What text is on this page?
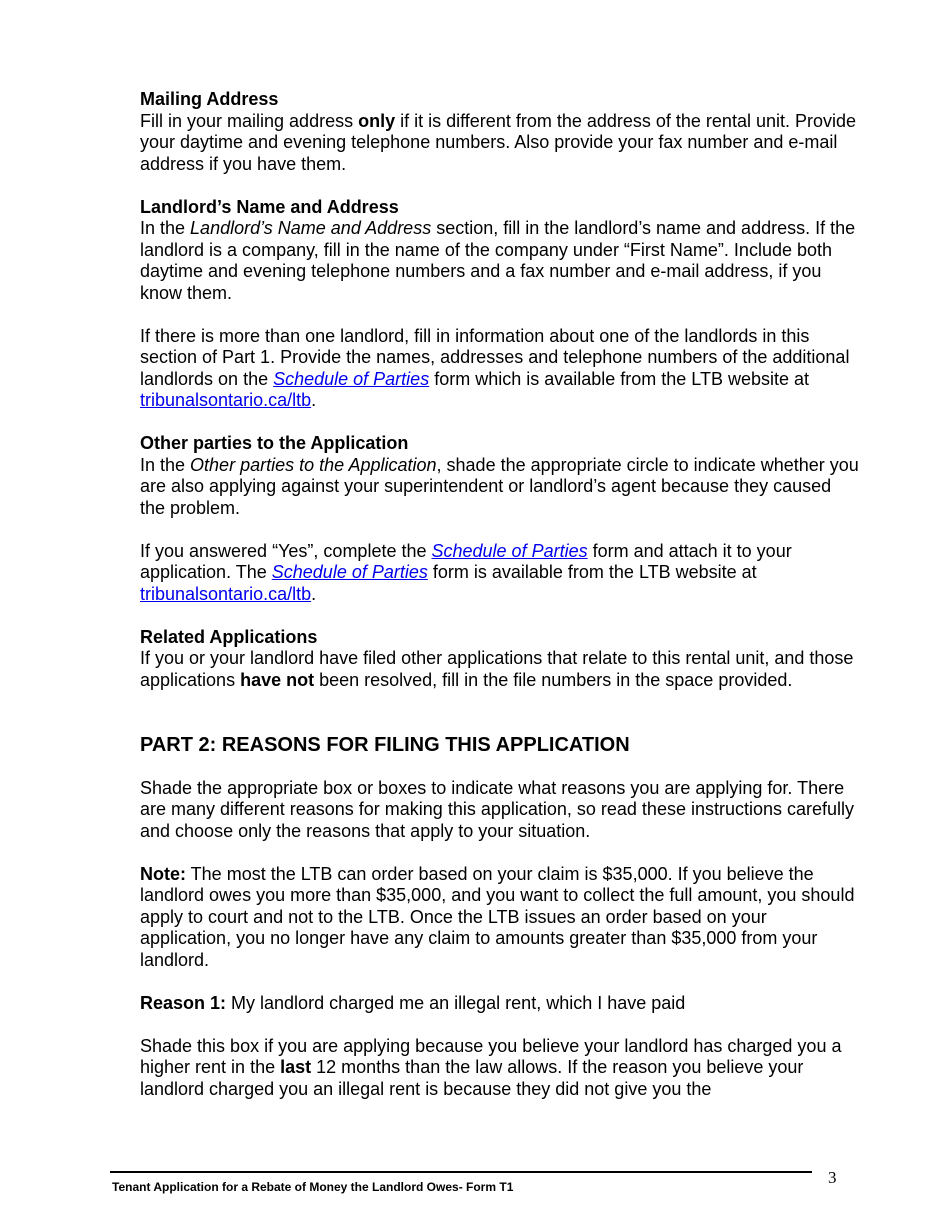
Mailing Address

Fill in your mailing address only if it is different from the address of the rental unit. Provide your daytime and evening telephone numbers. Also provide your fax number and e-mail address if you have them.

Landlord’s Name and Address

In the Landlord’s Name and Address section, fill in the landlord’s name and address. If the landlord is a company, fill in the name of the company under “First Name”. Include both daytime and evening telephone numbers and a fax number and e-mail address, if you know them.

If there is more than one landlord, fill in information about one of the landlords in this section of Part 1. Provide the names, addresses and telephone numbers of the additional landlords on the Schedule of Parties form which is available from the LTB website at tribunalsontario.ca/ltb.

Other parties to the Application

In the Other parties to the Application, shade the appropriate circle to indicate whether you are also applying against your superintendent or landlord’s agent because they caused the problem.

If you answered “Yes”, complete the Schedule of Parties form and attach it to your application. The Schedule of Parties form is available from the LTB website at tribunalsontario.ca/ltb.

Related Applications

If you or your landlord have filed other applications that relate to this rental unit, and those applications have not been resolved, fill in the file numbers in the space provided.

PART 2: REASONS FOR FILING THIS APPLICATION

Shade the appropriate box or boxes to indicate what reasons you are applying for. There are many different reasons for making this application, so read these instructions carefully and choose only the reasons that apply to your situation.

Note: The most the LTB can order based on your claim is $35,000. If you believe the landlord owes you more than $35,000, and you want to collect the full amount, you should apply to court and not to the LTB. Once the LTB issues an order based on your application, you no longer have any claim to amounts greater than $35,000 from your landlord.

Reason 1: My landlord charged me an illegal rent, which I have paid

Shade this box if you are applying because you believe your landlord has charged you a higher rent in the last 12 months than the law allows. If the reason you believe your landlord charged you an illegal rent is because they did not give you the

Tenant Application for a Rebate of Money the Landlord Owes- Form T1	3
